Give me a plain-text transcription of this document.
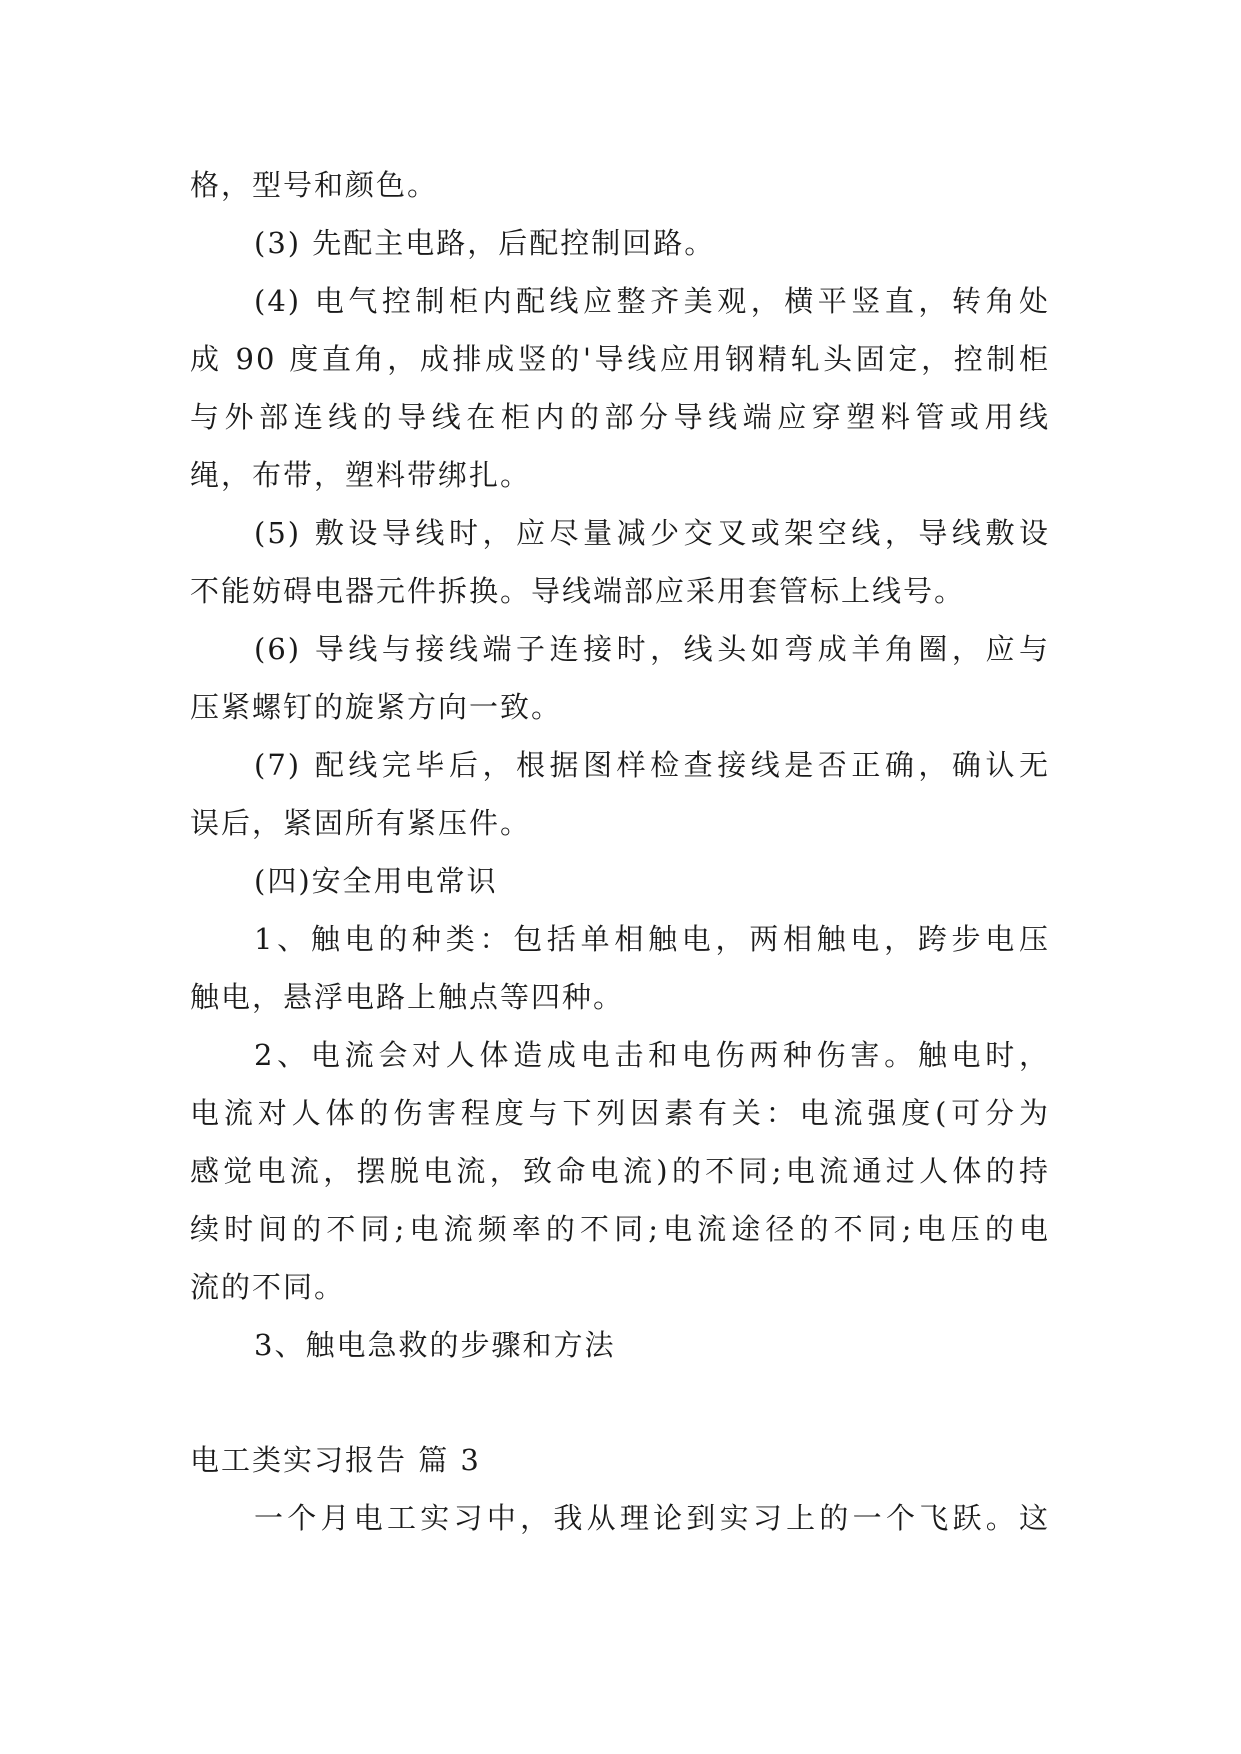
格，型号和颜色。
(3) 先配主电路，后配控制回路。
(4) 电气控制柜内配线应整齐美观，横平竖直，转角处
成 90 度直角，成排成竖的'导线应用钢精轧头固定，控制柜
与外部连线的导线在柜内的部分导线端应穿塑料管或用线
绳，布带，塑料带绑扎。
(5) 敷设导线时，应尽量减少交叉或架空线，导线敷设
不能妨碍电器元件拆换。导线端部应采用套管标上线号。
(6) 导线与接线端子连接时，线头如弯成羊角圈，应与
压紧螺钉的旋紧方向一致。
(7) 配线完毕后，根据图样检查接线是否正确，确认无
误后，紧固所有紧压件。
(四)安全用电常识
1、触电的种类：包括单相触电，两相触电，跨步电压
触电，悬浮电路上触点等四种。
2、电流会对人体造成电击和电伤两种伤害。触电时，
电流对人体的伤害程度与下列因素有关：电流强度(可分为
感觉电流，摆脱电流，致命电流)的不同;电流通过人体的持
续时间的不同;电流频率的不同;电流途径的不同;电压的电
流的不同。
3、触电急救的步骤和方法
电工类实习报告 篇 3
一个月电工实习中，我从理论到实习上的一个飞跃。这
